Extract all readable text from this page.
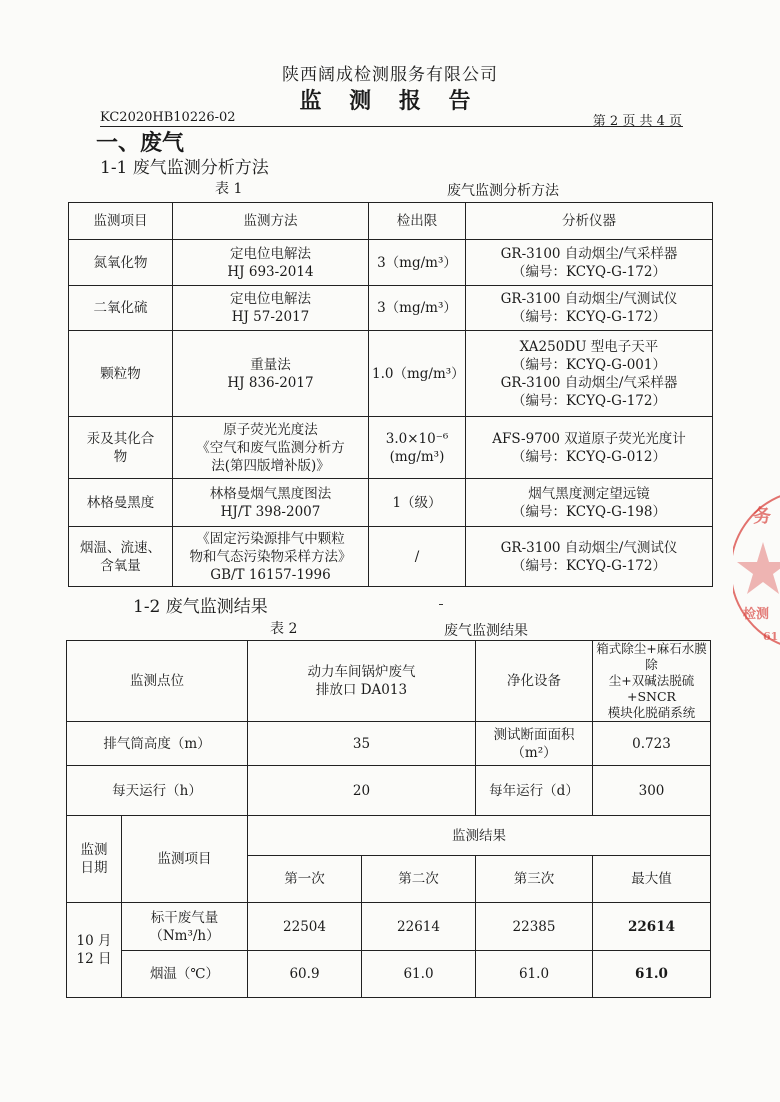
陕西阔成检测服务有限公司
监 测 报 告
KC2020HB10226-02	第 2 页 共 4 页
一、废气
1-1 废气监测分析方法
表 1	废气监测分析方法
监测项目	监测方法	检出限	分析仪器

氮氧化物	定电位电解法
HJ 693-2014	3（mg/m³）	GR-3100 自动烟尘/气采样器
（编号：KCYQ-G-172）

二氧化硫	定电位电解法
HJ 57-2017	3（mg/m³）	GR-3100 自动烟尘/气测试仪
（编号：KCYQ-G-172）

颗粒物	重量法
HJ 836-2017	1.0（mg/m³）	XA250DU 型电子天平
（编号：KCYQ-G-001）
GR-3100 自动烟尘/气采样器
（编号：KCYQ-G-172）

汞及其化合
物	原子荧光光度法
《空气和废气监测分析方
法(第四版增补版)》	3.0×10⁻⁶
(mg/m³)	AFS-9700 双道原子荧光光度计
（编号：KCYQ-G-012）

林格曼黑度	林格曼烟气黑度图法
HJ/T 398-2007	1（级）	烟气黑度测定望远镜
（编号：KCYQ-G-198）

烟温、流速、
含氧量	《固定污染源排气中颗粒
物和气态污染物采样方法》
GB/T 16157-1996	/	GR-3100 自动烟尘/气测试仪
（编号：KCYQ-G-172）
1-2 废气监测结果
表 2	废气监测结果
监测点位		动力车间锅炉废气
排放口 DA013		净化设备	箱式除尘+麻石水膜除
尘+双碱法脱硫+SNCR
模块化脱硝系统

排气筒高度（m）		35		测试断面面积（m²）	0.723
每天运行（h）		20		每年运行（d）	300

监测
日期	监测项目	监测结果			
		第一次	第二次	第三次	最大值

10 月
12 日	标干废气量
（Nm³/h）	22504	22614	22385	22614

	烟温（℃）	60.9	61.0	61.0	61.0
务
检测
61
